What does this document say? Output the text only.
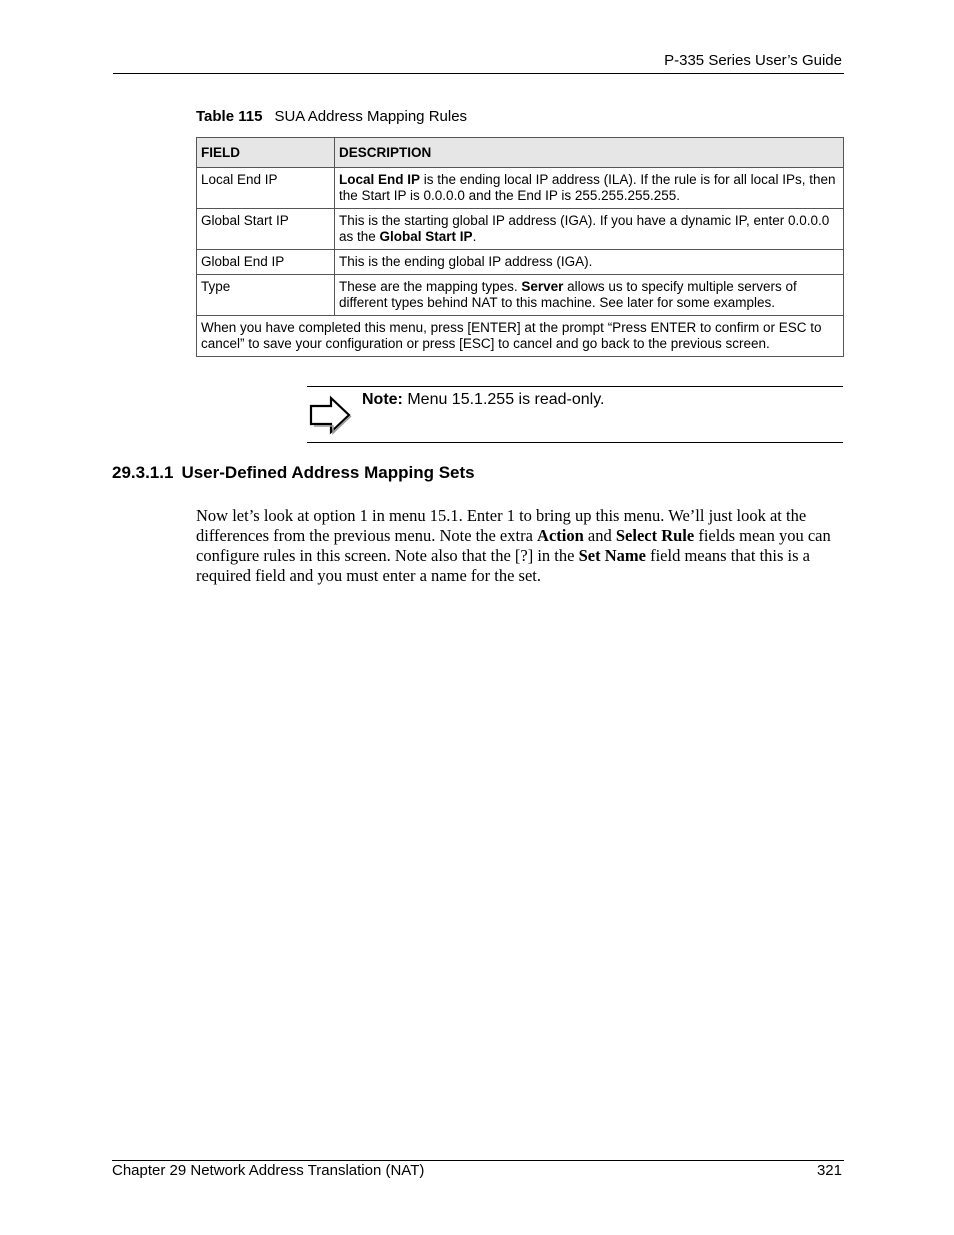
P-335 Series User’s Guide
Table 115 SUA Address Mapping Rules
FIELD	DESCRIPTION
Local End IP	Local End IP is the ending local IP address (ILA). If the rule is for all local IPs, then the Start IP is 0.0.0.0 and the End IP is 255.255.255.255.
Global Start IP	This is the starting global IP address (IGA). If you have a dynamic IP, enter 0.0.0.0 as the Global Start IP.
Global End IP	This is the ending global IP address (IGA).
Type	These are the mapping types. Server allows us to specify multiple servers of different types behind NAT to this machine. See later for some examples.
When you have completed this menu, press [ENTER] at the prompt “Press ENTER to confirm or ESC to cancel” to save your configuration or press [ESC] to cancel and go back to the previous screen.	
Note: Menu 15.1.255 is read-only.
29.3.1.1 User-Defined Address Mapping Sets
Now let’s look at option 1 in menu 15.1. Enter 1 to bring up this menu. We’ll just look at the differences from the previous menu. Note the extra Action and Select Rule fields mean you can configure rules in this screen. Note also that the [?] in the Set Name field means that this is a required field and you must enter a name for the set.
Chapter 29 Network Address Translation (NAT)	321
